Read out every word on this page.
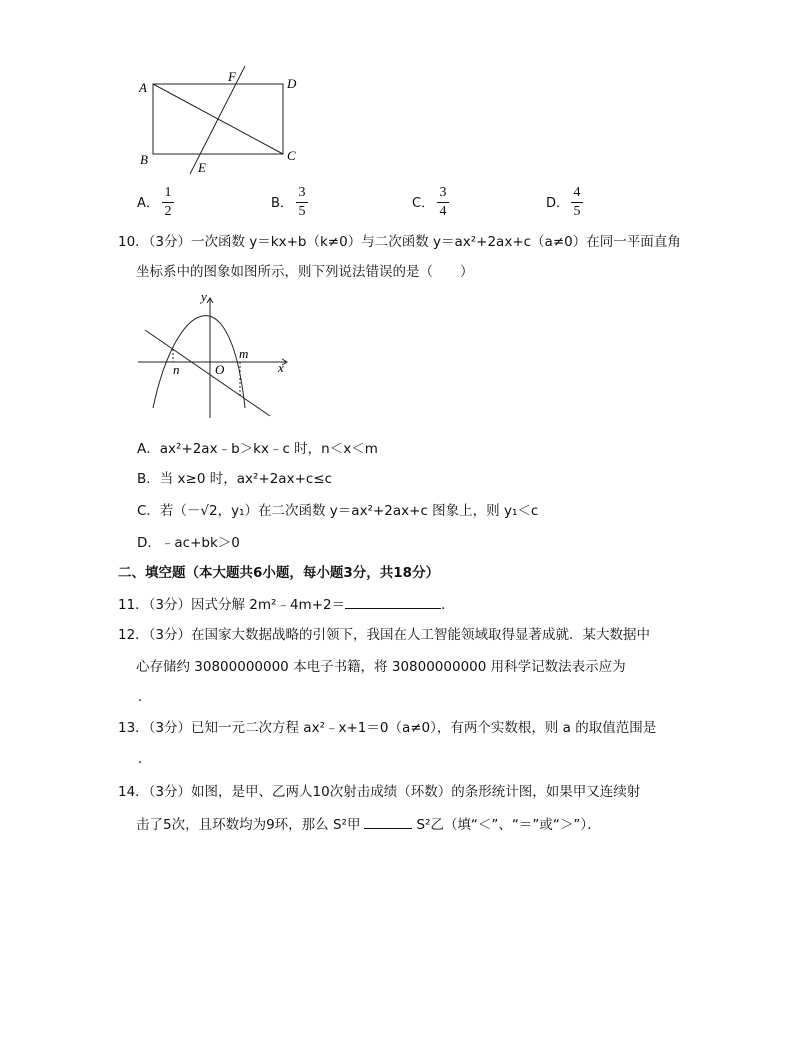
A
B	C
D
E
F
A．
1
2
B．
3
5
C．
3
4
D．
4
5
10．（3分）一次函数 y＝kx+b（k≠0）与二次函数 y＝ax²+2ax+c（a≠0）在同一平面直角
坐标系中的图象如图所示，则下列说法错误的是（　　）
y
x
O
m
n
A．ax²+2ax﹣b＞kx﹣c 时，n＜x＜m
B．当 x≥0 时，ax²+2ax+c≤c
C．若（－√2，y₁）在二次函数 y＝ax²+2ax+c 图象上，则 y₁＜c
D．﹣ac+bk＞0
二、填空题（本大题共6小题，每小题3分，共18分）
11．（3分）因式分解 2m²﹣4m+2＝	．
12．（3分）在国家大数据战略的引领下，我国在人工智能领域取得显著成就．某大数据中
心存储约 30800000000 本电子书籍，将 30800000000 用科学记数法表示应为
．
13．（3分）已知一元二次方程 ax²﹣x+1＝0（a≠0），有两个实数根，则 a 的取值范围是
．
14．（3分）如图，是甲、乙两人10次射击成绩（环数）的条形统计图，如果甲又连续射
击了5次，且环数均为9环，那么 S²甲	S²乙（填“＜”、“＝”或“＞”）．
